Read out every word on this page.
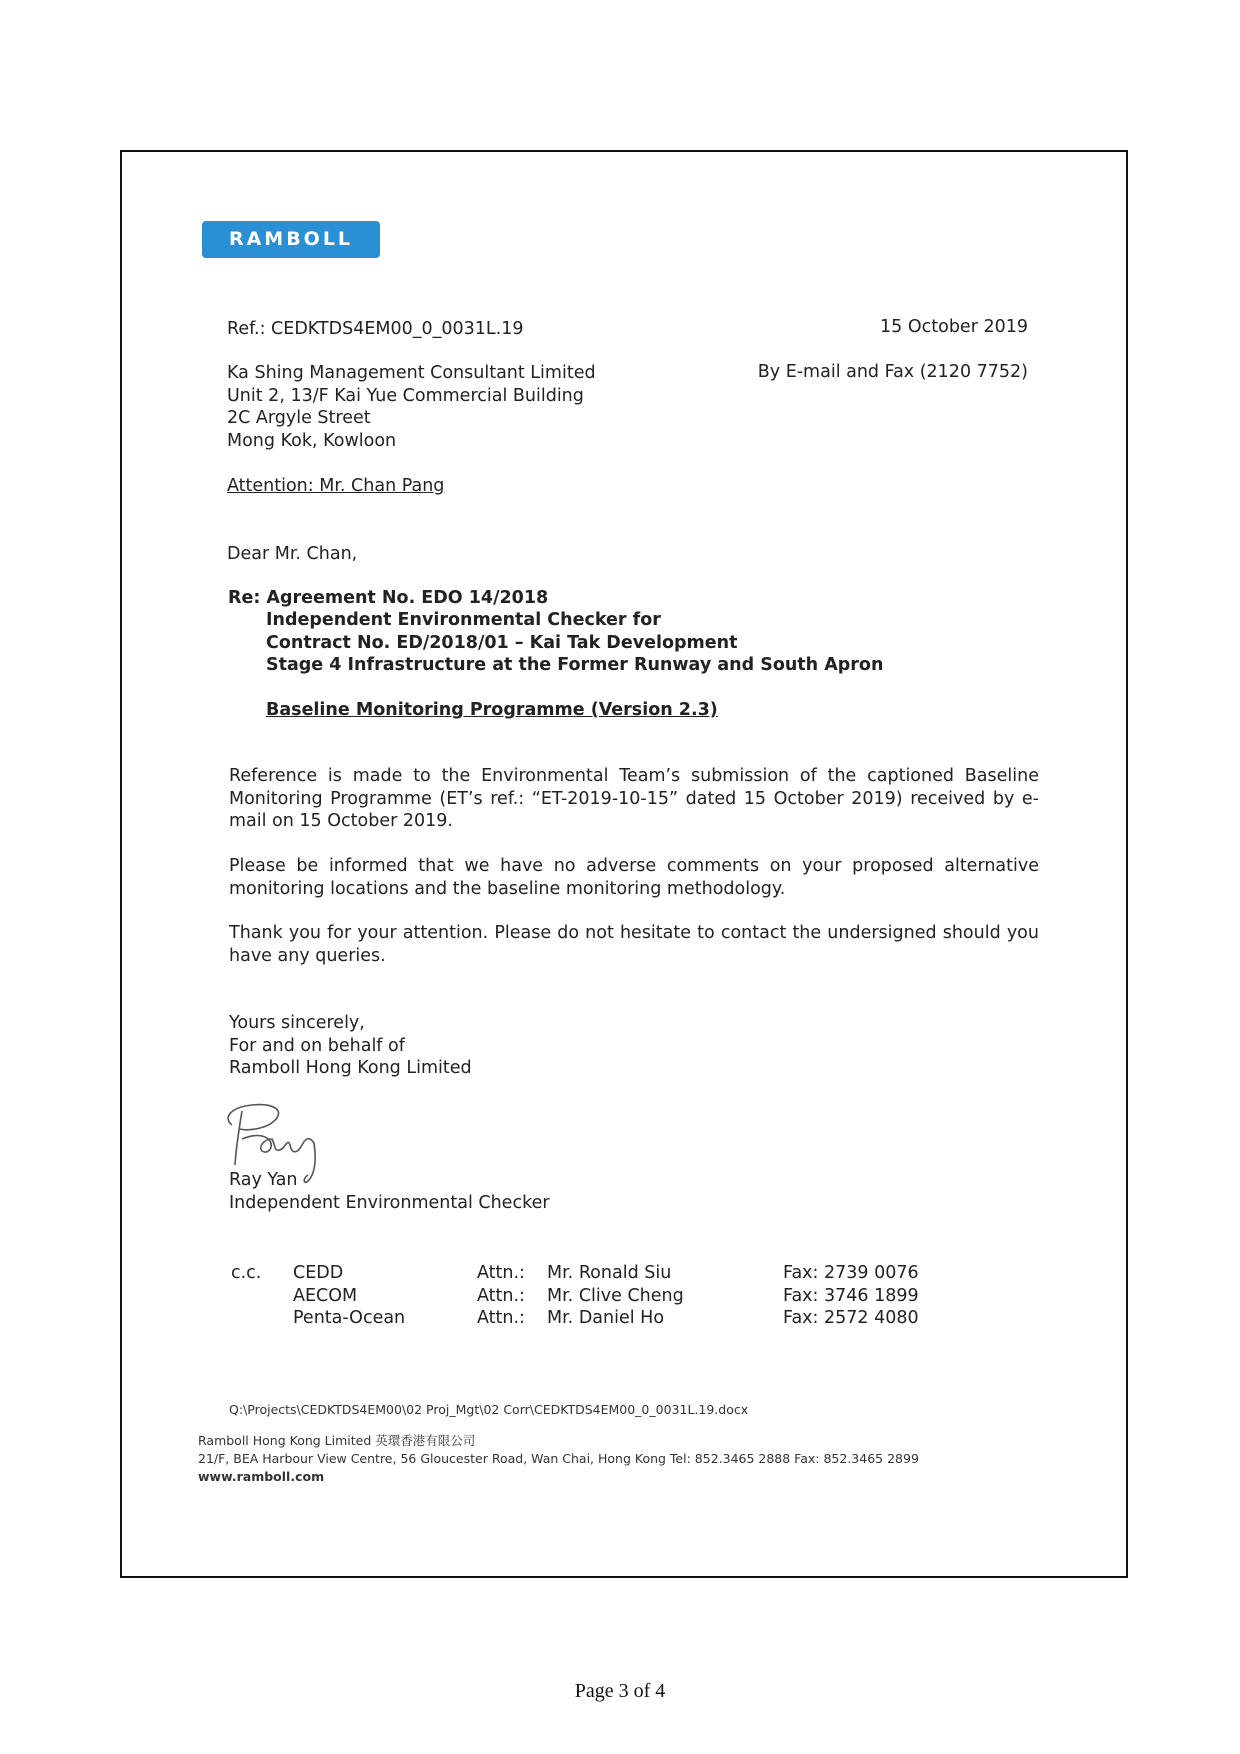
RAMBOLL
Ref.: CEDKTDS4EM00_0_0031L.19	15 October 2019
Ka Shing Management Consultant Limited
Unit 2, 13/F Kai Yue Commercial Building
2C Argyle Street
Mong Kok, Kowloon
By E-mail and Fax (2120 7752)
Attention: Mr. Chan Pang
Dear Mr. Chan,
Re: Agreement No. EDO 14/2018
Independent Environmental Checker for
Contract No. ED/2018/01 – Kai Tak Development
Stage 4 Infrastructure at the Former Runway and South Apron
Baseline Monitoring Programme (Version 2.3)
Reference is made to the Environmental Team’s submission of the captioned Baseline Monitoring Programme (ET’s ref.: “ET-2019-10-15” dated 15 October 2019) received by e-mail on 15 October 2019.
Please be informed that we have no adverse comments on your proposed alternative monitoring locations and the baseline monitoring methodology.
Thank you for your attention. Please do not hesitate to contact the undersigned should you have any queries.
Yours sincerely,
For and on behalf of
Ramboll Hong Kong Limited
Ray Yan
Independent Environmental Checker
c.c.	CEDD	Attn.:	Mr. Ronald Siu	Fax: 2739 0076
AECOM	Attn.:	Mr. Clive Cheng	Fax: 3746 1899
Penta-Ocean	Attn.:	Mr. Daniel Ho	Fax: 2572 4080
Q:\Projects\CEDKTDS4EM00\02 Proj_Mgt\02 Corr\CEDKTDS4EM00_0_0031L.19.docx
Ramboll Hong Kong Limited 英環香港有限公司
21/F, BEA Harbour View Centre, 56 Gloucester Road, Wan Chai, Hong Kong Tel: 852.3465 2888 Fax: 852.3465 2899
www.ramboll.com
Page 3 of 4
